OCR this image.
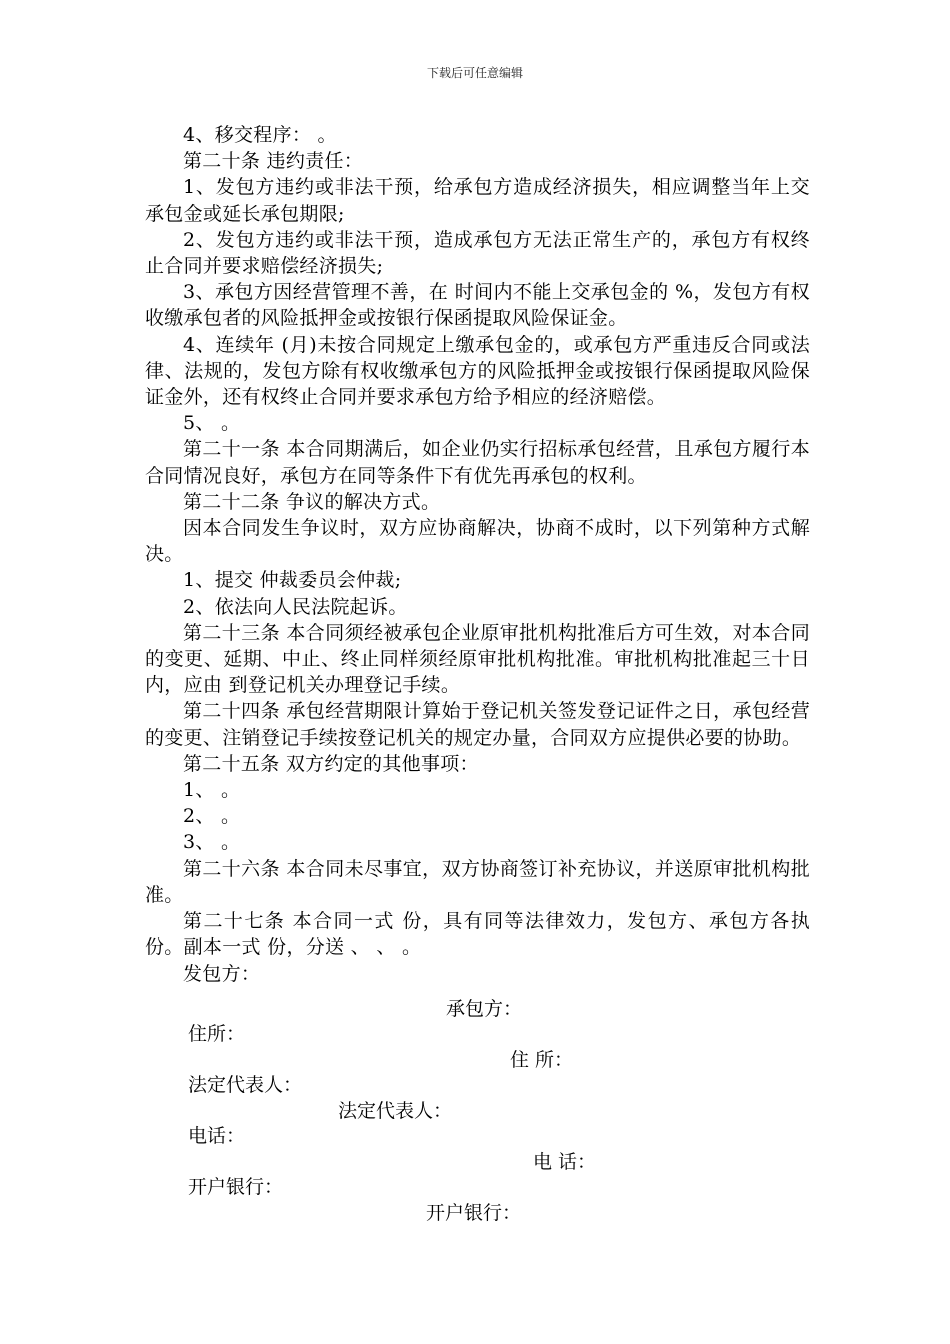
下载后可任意编辑

4、移交程序： 。

第二十条 违约责任：

1、发包方违约或非法干预，给承包方造成经济损失，相应调整当年上交承包金或延长承包期限;

2、发包方违约或非法干预，造成承包方无法正常生产的，承包方有权终止合同并要求赔偿经济损失;

3、承包方因经营管理不善，在 时间内不能上交承包金的 %，发包方有权收缴承包者的风险抵押金或按银行保函提取风险保证金。

4、连续年 (月)未按合同规定上缴承包金的，或承包方严重违反合同或法律、法规的，发包方除有权收缴承包方的风险抵押金或按银行保函提取风险保证金外，还有权终止合同并要求承包方给予相应的经济赔偿。

5、 。

第二十一条 本合同期满后，如企业仍实行招标承包经营，且承包方履行本合同情况良好，承包方在同等条件下有优先再承包的权利。

第二十二条 争议的解决方式。

因本合同发生争议时，双方应协商解决，协商不成时，以下列第种方式解决。

1、提交 仲裁委员会仲裁;

2、依法向人民法院起诉。

第二十三条 本合同须经被承包企业原审批机构批准后方可生效，对本合同的变更、延期、中止、终止同样须经原审批机构批准。审批机构批准起三十日内，应由 到登记机关办理登记手续。

第二十四条 承包经营期限计算始于登记机关签发登记证件之日，承包经营的变更、注销登记手续按登记机关的规定办量，合同双方应提供必要的协助。

第二十五条 双方约定的其他事项：

1、 。

2、 。

3、 。

第二十六条 本合同未尽事宜，双方协商签订补充协议，并送原审批机构批准。

第二十七条 本合同一式 份，具有同等法律效力，发包方、承包方各执 份。副本一式 份，分送 、 、 。

发包方：

承包方：
住所：
住 所：
法定代表人：
法定代表人：
电话：
电 话：
开户银行：
开户银行：
